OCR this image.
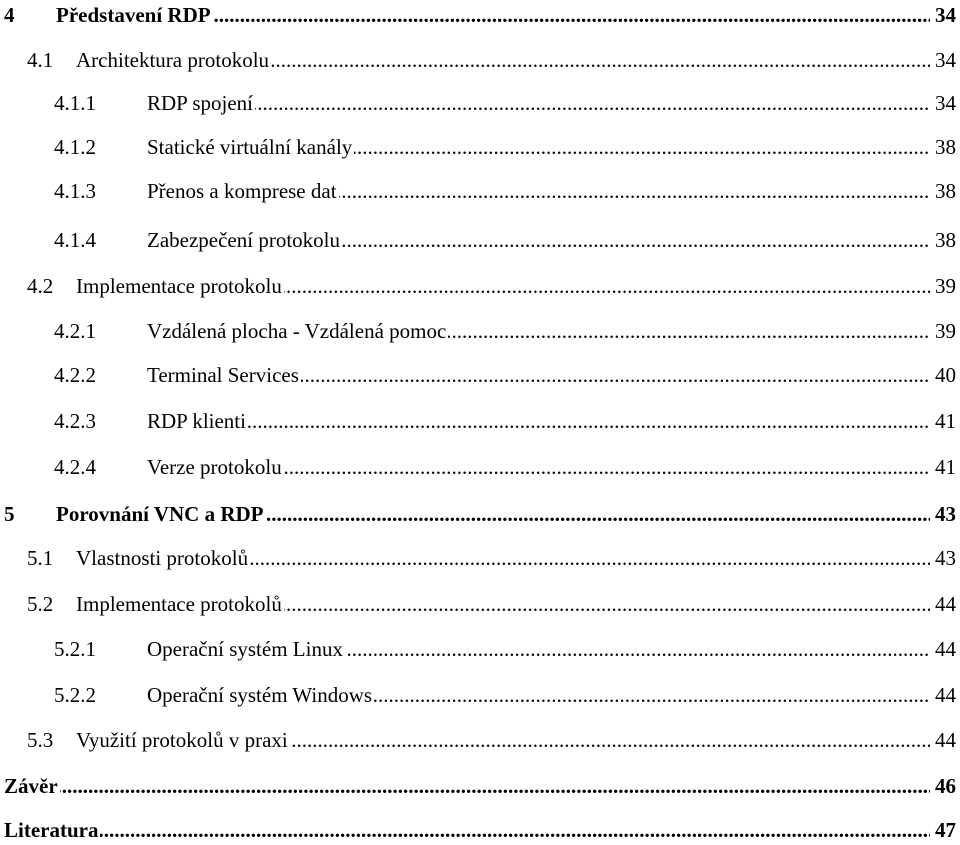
4 Představení RDP .....	34
4.1 Architektura protokolu .....	34
4.1.1 RDP spojení .....	34
4.1.2 Statické virtuální kanály .....	38
4.1.3 Přenos a komprese dat .....	38
4.1.4 Zabezpečení protokolu .....	38
4.2 Implementace protokolu .....	39
4.2.1 Vzdálená plocha - Vzdálená pomoc .....	39
4.2.2 Terminal Services .....	40
4.2.3 RDP klienti .....	41
4.2.4 Verze protokolu .....	41
5 Porovnání VNC a RDP .....	43
5.1 Vlastnosti protokolů .....	43
5.2 Implementace protokolů .....	44
5.2.1 Operační systém Linux .....	44
5.2.2 Operační systém Windows .....	44
5.3 Využití protokolů v praxi .....	44
Závěr .....	46
Literatura .....	47
